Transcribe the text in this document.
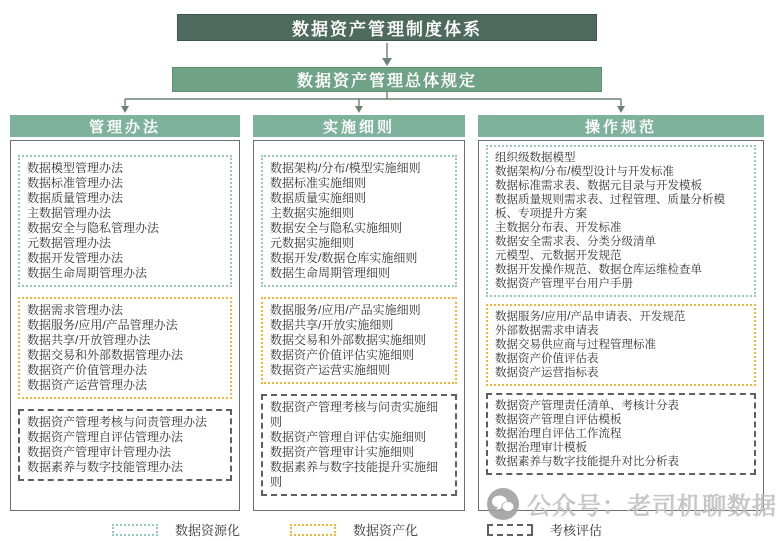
数据资产管理制度体系
数据资产管理总体规定
管理办法
数据模型管理办法
数据标准管理办法
数据质量管理办法
主数据管理办法
数据安全与隐私管理办法
元数据管理办法
数据开发管理办法
数据生命周期管理办法
数据需求管理办法
数据服务/应用/产品管理办法
数据共享/开放管理办法
数据交易和外部数据管理办法
数据资产价值管理办法
数据资产运营管理办法
数据资产管理考核与问责管理办法
数据资产管理自评估管理办法
数据资产管理审计管理办法
数据素养与数字技能管理办法
实施细则
数据架构/分布/模型实施细则
数据标准实施细则
数据质量实施细则
主数据实施细则
数据安全与隐私实施细则
元数据实施细则
数据开发/数据仓库实施细则
数据生命周期管理细则
数据服务/应用/产品实施细则
数据共享/开放实施细则
数据交易和外部数据实施细则
数据资产价值评估实施细则
数据资产运营实施细则
数据资产管理考核与问责实施细则
数据资产管理自评估实施细则
数据资产管理审计实施细则
数据素养与数字技能提升实施细则
操作规范
组织级数据模型
数据架构/分布/模型设计与开发标准
数据标准需求表、数据元目录与开发模板
数据质量规则需求表、过程管理、质量分析模板、专项提升方案
主数据分布表、开发标准
数据安全需求表、分类分级清单
元模型、元数据开发规范
数据开发操作规范、数据仓库运维检查单
数据资产管理平台用户手册
数据服务/应用/产品申请表、开发规范
外部数据需求申请表
数据交易供应商与过程管理标准
数据资产价值评估表
数据资产运营指标表
数据资产管理责任清单、考核计分表
数据资产管理自评估模板
数据治理自评估工作流程
数据治理审计模板
数据素养与数字技能提升对比分析表
数据资源化	数据资产化	考核评估
公众号：老司机聊数据
